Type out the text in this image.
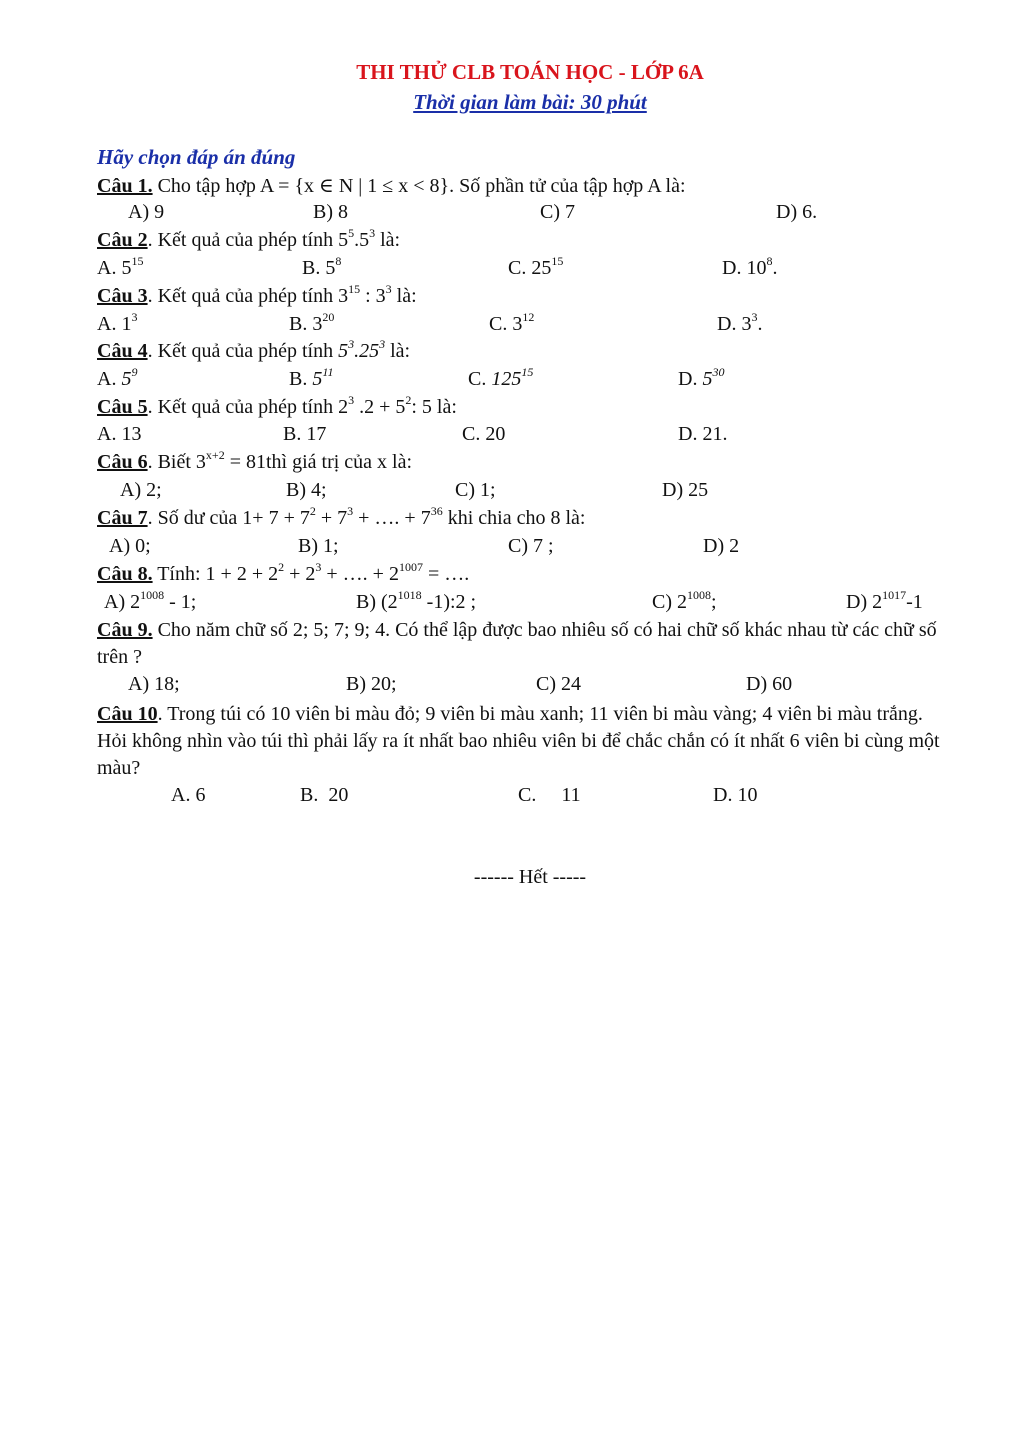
THI THỬ CLB TOÁN HỌC - LỚP 6A
Thời gian làm bài: 30 phút
Hãy chọn đáp án đúng
Câu 1. Cho tập hợp A = {x ∈ N | 1 ≤ x < 8}. Số phần tử của tập hợp A là:
A) 9	B) 8	C) 7	D) 6.
Câu 2. Kết quả của phép tính $5^5.5^3$ là:
A. $5^{15}$	B. $5^8$	C. $25^{15}$	D. $10^8$.
Câu 3. Kết quả của phép tính $3^{15}$ : $3^3$ là:
A. $1^3$	B. $3^{20}$	C. $3^{12}$	D. $3^3$.
Câu 4. Kết quả của phép tính $5^3.25^3$ là:
A. $5^9$	B. $5^{11}$	C. $125^{15}$	D. $5^{30}$
Câu 5. Kết quả của phép tính $2^3$ $.2 + 5^2$: 5 là:
A. 13	B. 17	C. 20	D. 21.
Câu 6. Biết $3^{x+2}$ = 81thì giá trị của x là:
A) 2;	B) 4;	C) 1;	D) 25
Câu 7. Số dư của $1+ 7 + 7^2 + 7^3$ + …. + $7^{36}$ khi chia cho 8 là:
A) 0;	B) 1;	C) 7 ;	D) 2
Câu 8. Tính: $1 + 2 + 2^2 + 2^3$ + …. + $2^{1007}$ = ….
A) $2^{1008} - 1$;	B) ($2^{1018}$ -1):2 ;	C) $2^{1008}$;	D) $2^{1017}-1$
Câu 9. Cho năm chữ số 2; 5; 7; 9; 4. Có thể lập được bao nhiêu số có hai chữ số khác nhau từ các chữ số trên ?
A) 18;	B) 20;	C) 24	D) 60
Câu 10. Trong túi có 10 viên bi màu đỏ; 9 viên bi màu xanh; 11 viên bi màu vàng; 4 viên bi màu trắng. Hỏi không nhìn vào túi thì phải lấy ra ít nhất bao nhiêu viên bi để chắc chắn có ít nhất 6 viên bi cùng một màu?
A. 6	B.  20	C.     11	D. 10
------ Hết -----
